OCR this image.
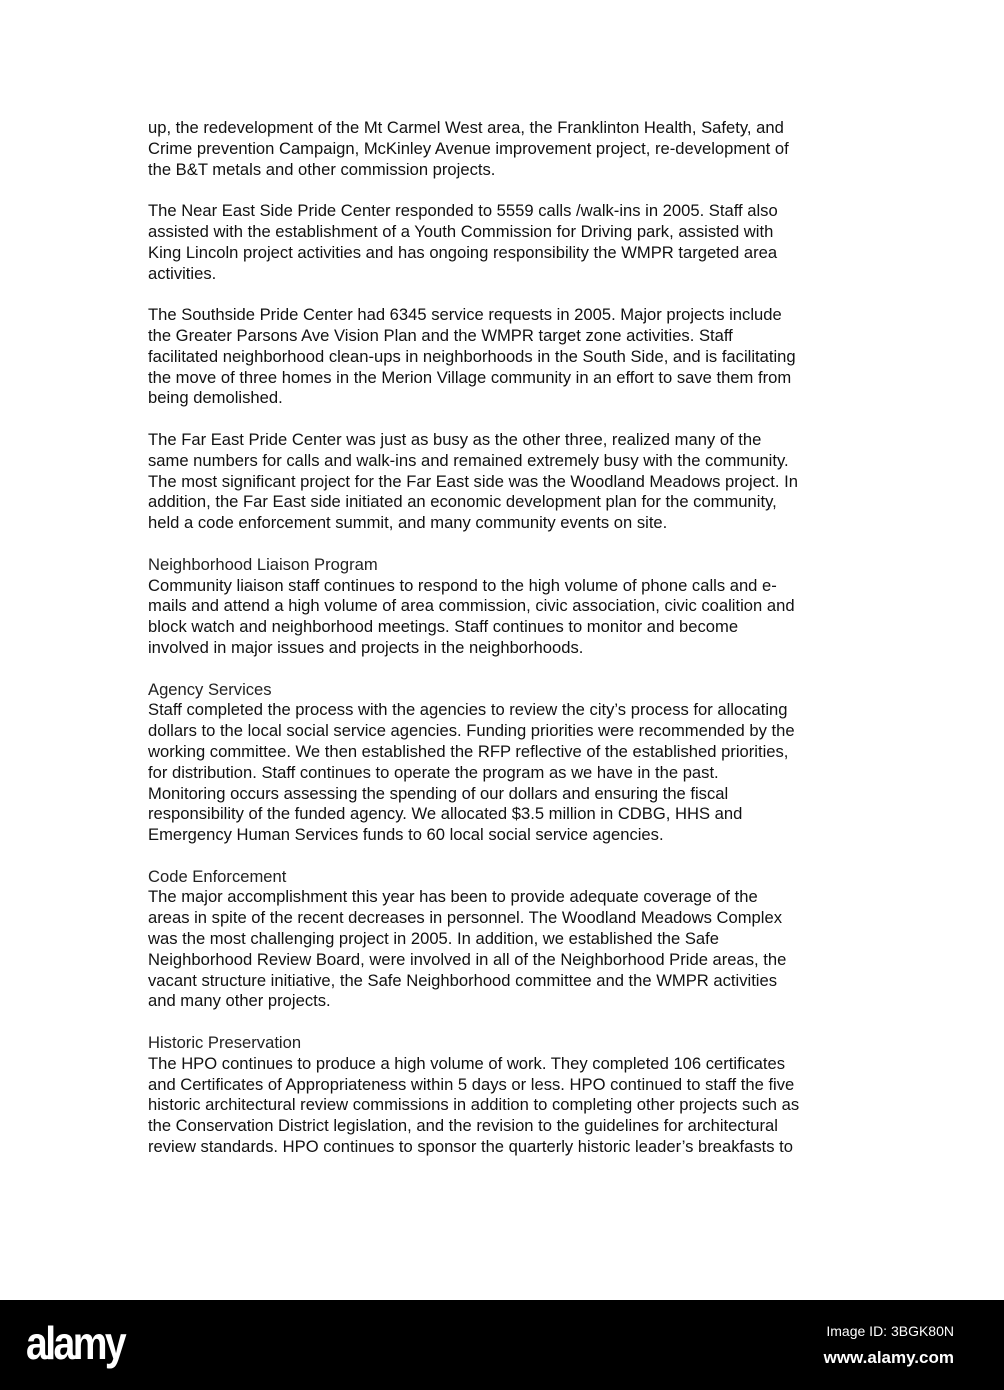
up, the redevelopment of the Mt Carmel West area, the Franklinton Health, Safety, and
Crime prevention Campaign, McKinley Avenue improvement project, re-development of
the B&T metals and other commission projects.
The Near East Side Pride Center responded to 5559 calls /walk-ins in 2005. Staff also
assisted with the establishment of a Youth Commission for Driving park, assisted with
King Lincoln project activities and has ongoing responsibility the WMPR targeted area
activities.
The Southside Pride Center had 6345 service requests in 2005. Major projects include
the Greater Parsons Ave Vision Plan and the WMPR target zone activities. Staff
facilitated neighborhood clean-ups in neighborhoods in the South Side, and is facilitating
the move of three homes in the Merion Village community in an effort to save them from
being demolished.
The Far East Pride Center was just as busy as the other three, realized many of the
same numbers for calls and walk-ins and remained extremely busy with the community.
The most significant project for the Far East side was the Woodland Meadows project. In
addition, the Far East side initiated an economic development plan for the community,
held a code enforcement summit, and many community events on site.
Neighborhood Liaison Program
Community liaison staff continues to respond to the high volume of phone calls and e-
mails and attend a high volume of area commission, civic association, civic coalition and
block watch and neighborhood meetings. Staff continues to monitor and become
involved in major issues and projects in the neighborhoods.
Agency Services
Staff completed the process with the agencies to review the city’s process for allocating
dollars to the local social service agencies. Funding priorities were recommended by the
working committee. We then established the RFP reflective of the established priorities,
for distribution. Staff continues to operate the program as we have in the past.
Monitoring occurs assessing the spending of our dollars and ensuring the fiscal
responsibility of the funded agency. We allocated $3.5 million in CDBG, HHS and
Emergency Human Services funds to 60 local social service agencies.
Code Enforcement
The major accomplishment this year has been to provide adequate coverage of the
areas in spite of the recent decreases in personnel. The Woodland Meadows Complex
was the most challenging project in 2005. In addition, we established the Safe
Neighborhood Review Board, were involved in all of the Neighborhood Pride areas, the
vacant structure initiative, the Safe Neighborhood committee and the WMPR activities
and many other projects.
Historic Preservation
The HPO continues to produce a high volume of work. They completed 106 certificates
and Certificates of Appropriateness within 5 days or less. HPO continued to staff the five
historic architectural review commissions in addition to completing other projects such as
the Conservation District legislation, and the revision to the guidelines for architectural
review standards. HPO continues to sponsor the quarterly historic leader’s breakfasts to
alamy	Image ID: 3BGK80N
www.alamy.com
